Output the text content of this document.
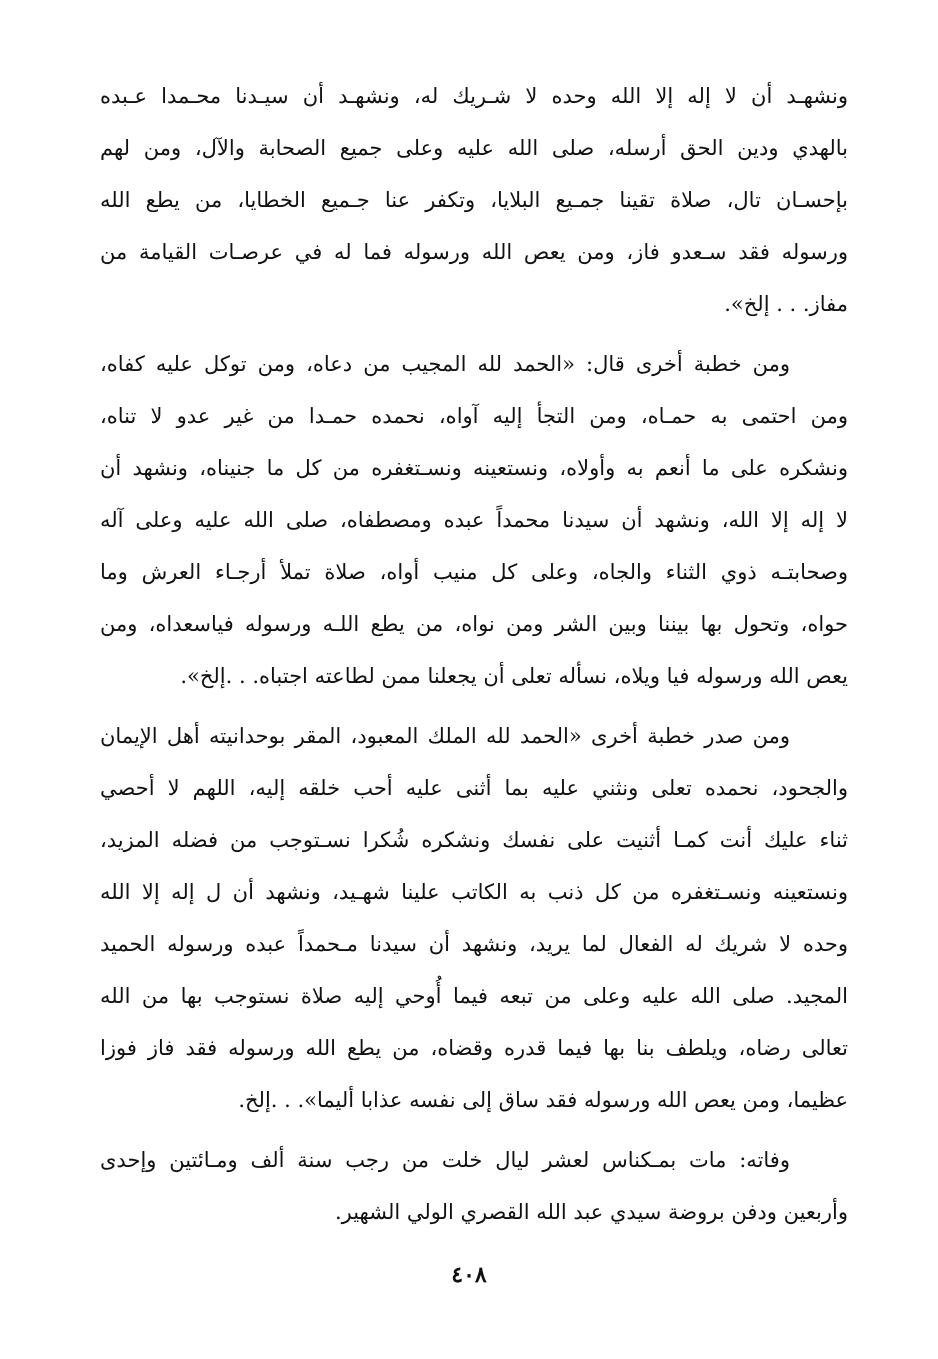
ونشهـد أن لا إله إلا الله وحده لا شـريك له، ونشهـد أن سيـدنا محـمدا عـبده
بالهدي ودين الحق أرسله، صلى الله عليه وعلى جميع الصحابة والآل، ومن لهم
بإحسـان تال، صلاة تقينا جمـيع البلايا، وتكفر عنا جـميع الخطايا، من يطع الله
ورسوله فقد سـعدو فاز، ومن يعص الله ورسوله فما له في عرصـات القيامة من
مفاز. . . إلخ».
ومن خطبة أخرى قال: «الحمد لله المجيب من دعاه، ومن توكل عليه كفاه،
ومن احتمى به حمـاه، ومن التجأ إليه آواه، نحمده حمـدا من غير عدو لا تناه،
ونشكره على ما أنعم به وأولاه، ونستعينه ونسـتغفره من كل ما جنيناه، ونشهد أن
لا إله إلا الله، ونشهد أن سيدنا محمداً عبده ومصطفاه، صلى الله عليه وعلى آله
وصحابتـه ذوي الثناء والجاه، وعلى كل منيب أواه، صلاة تملأ أرجـاء العرش وما
حواه، وتحول بها بيننا وبين الشر ومن نواه، من يطع اللـه ورسوله فياسعداه، ومن
يعص الله ورسوله فيا ويلاه، نسأله تعلى أن يجعلنا ممن لطاعته اجتباه. . .إلخ».
ومن صدر خطبة أخرى «الحمد لله الملك المعبود، المقر بوحدانيته أهل الإيمان
والجحود، نحمده تعلى ونثني عليه بما أثنى عليه أحب خلقه إليه، اللهم لا أحصي
ثناء عليك أنت كمـا أثنيت على نفسك ونشكره شُكرا نسـتوجب من فضله المزيد،
ونستعينه ونسـتغفره من كل ذنب به الكاتب علينا شهـيد، ونشهد أن ل إله إلا الله
وحده لا شريك له الفعال لما يريد، ونشهد أن سيدنا مـحمداً عبده ورسوله الحميد
المجيد. صلى الله عليه وعلى من تبعه فيما أُوحي إليه صلاة نستوجب بها من الله
تعالى رضاه، ويلطف بنا بها فيما قدره وقضاه، من يطع الله ورسوله فقد فاز فوزا
عظيما، ومن يعص الله ورسوله فقد ساق إلى نفسه عذابا أليما». . .إلخ.
وفاته: مات بمـكناس لعشر ليال خلت من رجب سنة ألف ومـائتين وإحدى
وأربعين ودفن بروضة سيدي عبد الله القصري الولي الشهير.
٤٠٨
